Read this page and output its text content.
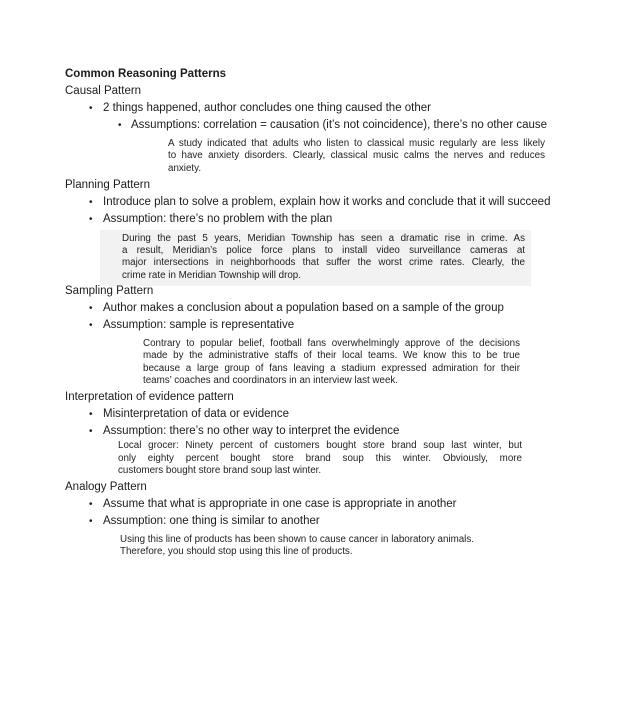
Common Reasoning Patterns
Causal Pattern
• 2 things happened, author concludes one thing caused the other
• Assumptions: correlation = causation (it’s not coincidence), there’s no other cause
A study indicated that adults who listen to classical music regularly are less likely
to have anxiety disorders. Clearly, classical music calms the nerves and reduces
anxiety.
Planning Pattern
• Introduce plan to solve a problem, explain how it works and conclude that it will succeed
• Assumption: there’s no problem with the plan
During the past 5 years, Meridian Township has seen a dramatic rise in crime. As
a result, Meridian’s police force plans to install video surveillance cameras at
major intersections in neighborhoods that suffer the worst crime rates. Clearly, the
crime rate in Meridian Township will drop.
Sampling Pattern
• Author makes a conclusion about a population based on a sample of the group
• Assumption: sample is representative
Contrary to popular belief, football fans overwhelmingly approve of the decisions
made by the administrative staffs of their local teams. We know this to be true
because a large group of fans leaving a stadium expressed admiration for their
teams’ coaches and coordinators in an interview last week.
Interpretation of evidence pattern
• Misinterpretation of data or evidence
• Assumption: there’s no other way to interpret the evidence
Local grocer: Ninety percent of customers bought store brand soup last winter, but
only eighty percent bought store brand soup this winter. Obviously, more
customers bought store brand soup last winter.
Analogy Pattern
• Assume that what is appropriate in one case is appropriate in another
• Assumption: one thing is similar to another
Using this line of products has been shown to cause cancer in laboratory animals.
Therefore, you should stop using this line of products.
